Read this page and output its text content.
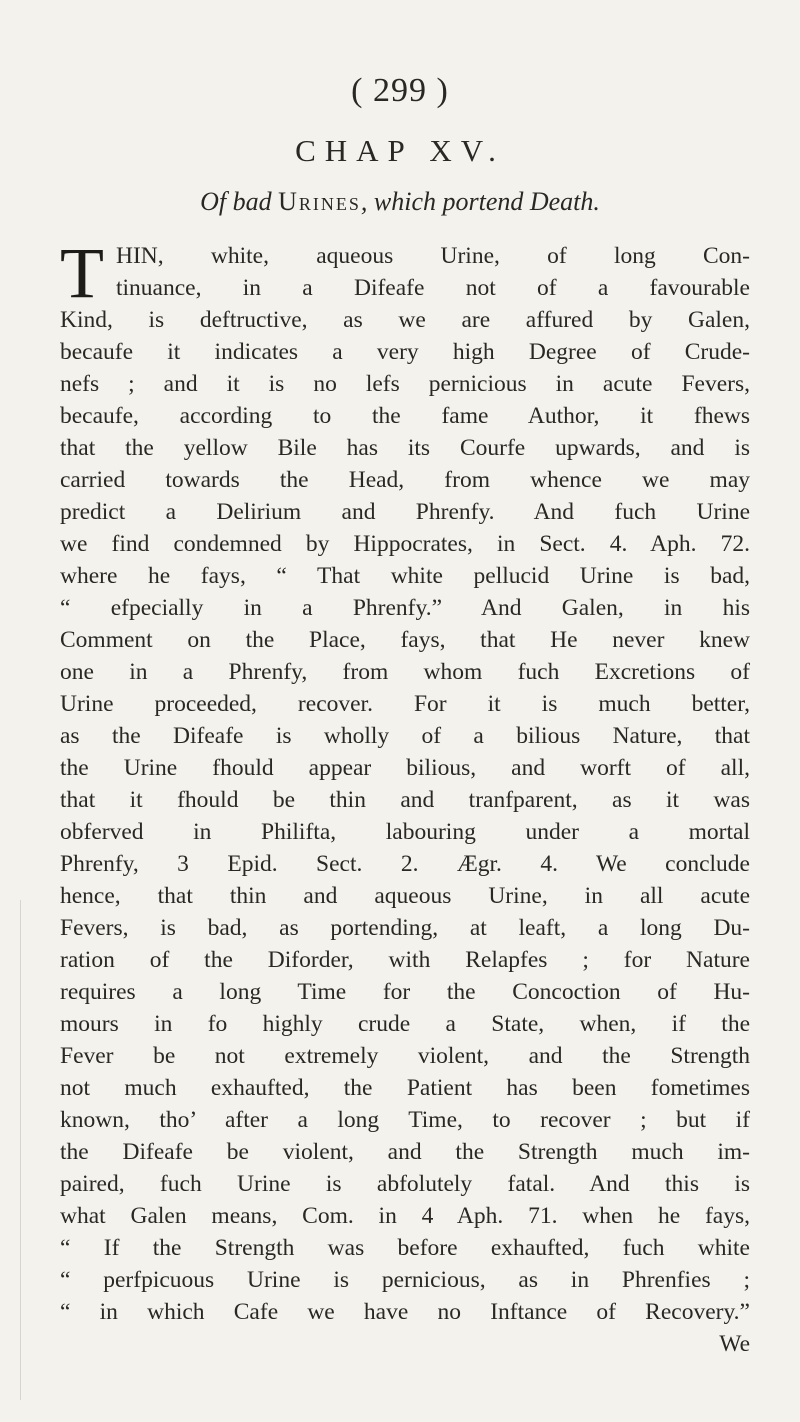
( 299 )
CHAP XV.
Of bad Urines, which portend Death.
T HIN, white, aqueous Urine, of long Con-
tinuance, in a Difeafe not of a favourable
Kind, is deftructive, as we are affured by Galen,
becaufe it indicates a very high Degree of Crude-
nefs ; and it is no lefs pernicious in acute Fevers,
becaufe, according to the fame Author, it fhews
that the yellow Bile has its Courfe upwards, and is
carried towards the Head, from whence we may
predict a Delirium and Phrenfy. And fuch Urine
we find condemned by Hippocrates, in Sect. 4. Aph. 72.
where he fays, “ That white pellucid Urine is bad,
“ efpecially in a Phrenfy.” And Galen, in his
Comment on the Place, fays, that He never knew
one in a Phrenfy, from whom fuch Excretions of
Urine proceeded, recover. For it is much better,
as the Difeafe is wholly of a bilious Nature, that
the Urine fhould appear bilious, and worft of all,
that it fhould be thin and tranfparent, as it was
obferved in Philifta, labouring under a mortal
Phrenfy, 3 Epid. Sect. 2. Ægr. 4. We conclude
hence, that thin and aqueous Urine, in all acute
Fevers, is bad, as portending, at leaft, a long Du-
ration of the Diforder, with Relapfes ; for Nature
requires a long Time for the Concoction of Hu-
mours in fo highly crude a State, when, if the
Fever be not extremely violent, and the Strength
not much exhaufted, the Patient has been fometimes
known, tho’ after a long Time, to recover ; but if
the Difeafe be violent, and the Strength much im-
paired, fuch Urine is abfolutely fatal. And this is
what Galen means, Com. in 4 Aph. 71. when he fays,
“ If the Strength was before exhaufted, fuch white
“ perfpicuous Urine is pernicious, as in Phrenfies ;
“ in which Cafe we have no Inftance of Recovery.”
We
